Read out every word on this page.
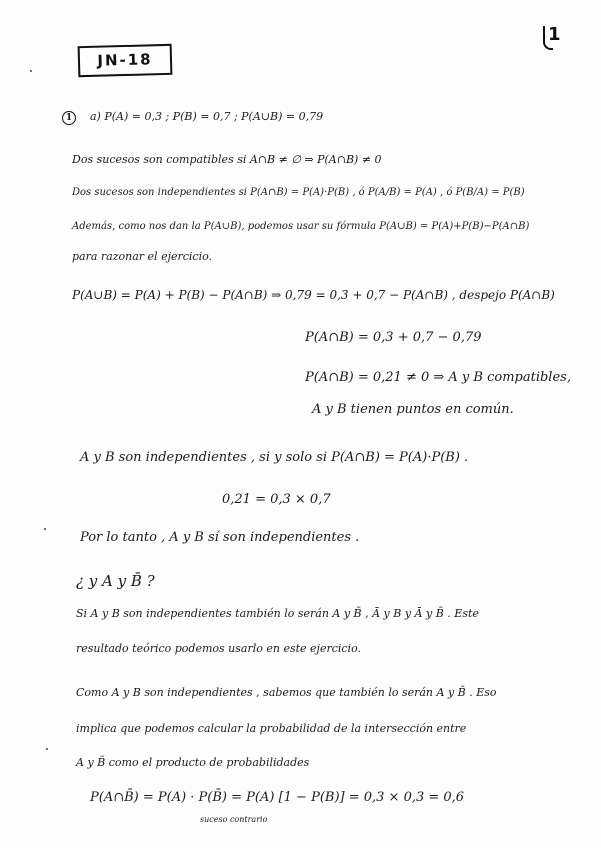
JN-18
1
1 a) P(A) = 0,3 ; P(B) = 0,7 ; P(A∪B) = 0,79
Dos sucesos son compatibles si A∩B ≠ ∅ ⇒ P(A∩B) ≠ 0
Dos sucesos son independientes si P(A∩B) = P(A)·P(B) , ó P(A/B) = P(A) , ó P(B/A) = P(B)
Además, como nos dan la P(A∪B), podemos usar su fórmula P(A∪B) = P(A)+P(B)−P(A∩B)
para razonar el ejercicio.
P(A∪B) = P(A) + P(B) − P(A∩B) ⇒ 0,79 = 0,3 + 0,7 − P(A∩B) , despejo P(A∩B)
P(A∩B) = 0,3 + 0,7 − 0,79
P(A∩B) = 0,21 ≠ 0 ⇒ A y B compatibles,
A y B tienen puntos en común.
A y B son independientes , si y solo si P(A∩B) = P(A)·P(B) .
0,21 = 0,3 × 0,7
Por lo tanto , A y B sí son independientes .
¿ y A y B̄ ?
Si A y B son independientes también lo serán A y B̄ , Ā y B y Ā y B̄ . Este
resultado teórico podemos usarlo en este ejercicio.
Como A y B son independientes , sabemos que también lo serán A y B̄ . Eso
implica que podemos calcular la probabilidad de la intersección entre
A y B̄ como el producto de probabilidades
P(A∩B̄) = P(A) · P(B̄) = P(A) [1 − P(B)] = 0,3 × 0,3 = 0,6
suceso contrario
